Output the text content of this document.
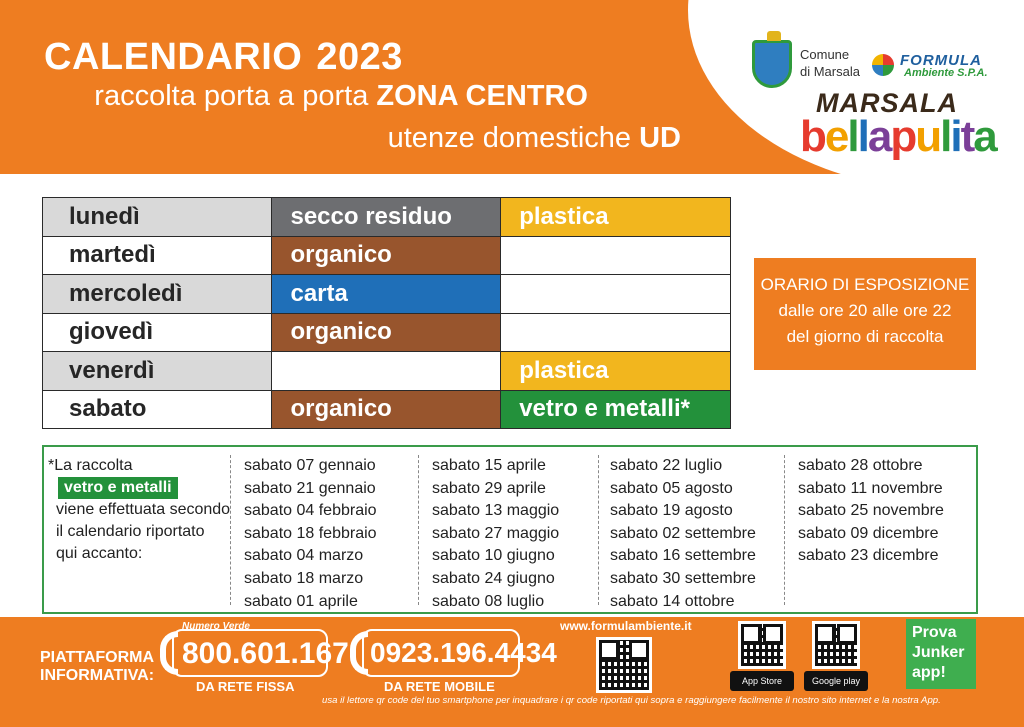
CALENDARIO 2023
raccolta porta a porta ZONA CENTRO
utenze domestiche UD
Comune
di Marsala
FORMULA
Ambiente S.P.A.
MARSALA
bellapulita
lunedì	secco residuo	plastica
martedì	organico	
mercoledì	carta	
giovedì	organico	
venerdì		plastica
sabato	organico	vetro e metalli*
ORARIO DI ESPOSIZIONE
dalle ore 20 alle ore 22
del giorno di raccolta
*La raccolta
vetro e metalli
viene effettuata secondo
il calendario riportato
qui accanto:
sabato 07 gennaio
sabato 21 gennaio
sabato 04 febbraio
sabato 18 febbraio
sabato 04 marzo
sabato 18 marzo
sabato 01 aprile
sabato 15 aprile
sabato 29 aprile
sabato 13 maggio
sabato 27 maggio
sabato 10 giugno
sabato 24 giugno
sabato 08 luglio
sabato 22 luglio
sabato 05 agosto
sabato 19 agosto
sabato 02 settembre
sabato 16 settembre
sabato 30 settembre
sabato 14 ottobre
sabato 28 ottobre
sabato 11 novembre
sabato 25 novembre
sabato 09 dicembre
sabato 23 dicembre
PIATTAFORMA
INFORMATIVA:
Numero Verde
800.601.167
DA RETE FISSA
0923.196.4434
DA RETE MOBILE
www.formulambiente.it
App Store	Google play
Prova
Junker
app!
usa il lettore qr code del tuo smartphone per inquadrare i qr code riportati qui sopra e raggiungere facilmente il nostro sito internet e la nostra App.
